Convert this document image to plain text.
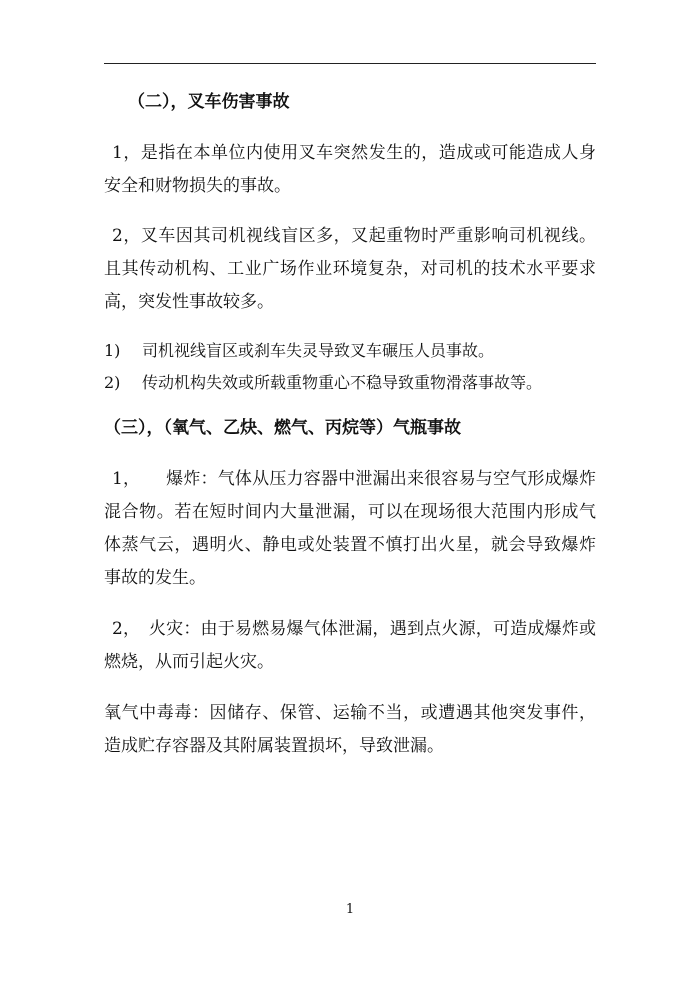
（二），叉车伤害事故

1，是指在本单位内使用叉车突然发生的，造成或可能造成人身安全和财物损失的事故。

2，叉车因其司机视线盲区多，叉起重物时严重影响司机视线。且其传动机构、工业广场作业环境复杂，对司机的技术水平要求高，突发性事故较多。

1)	司机视线盲区或刹车失灵导致叉车碾压人员事故。
2)	传动机构失效或所载重物重心不稳导致重物滑落事故等。

（三），（氧气、乙炔、燃气、丙烷等）气瓶事故

1，　　爆炸：气体从压力容器中泄漏出来很容易与空气形成爆炸混合物。若在短时间内大量泄漏，可以在现场很大范围内形成气体蒸气云，遇明火、静电或处装置不慎打出火星，就会导致爆炸事故的发生。

2，　火灾：由于易燃易爆气体泄漏，遇到点火源，可造成爆炸或燃烧，从而引起火灾。

氧气中毒毒：因储存、保管、运输不当，或遭遇其他突发事件，造成贮存容器及其附属装置损坏，导致泄漏。

1
